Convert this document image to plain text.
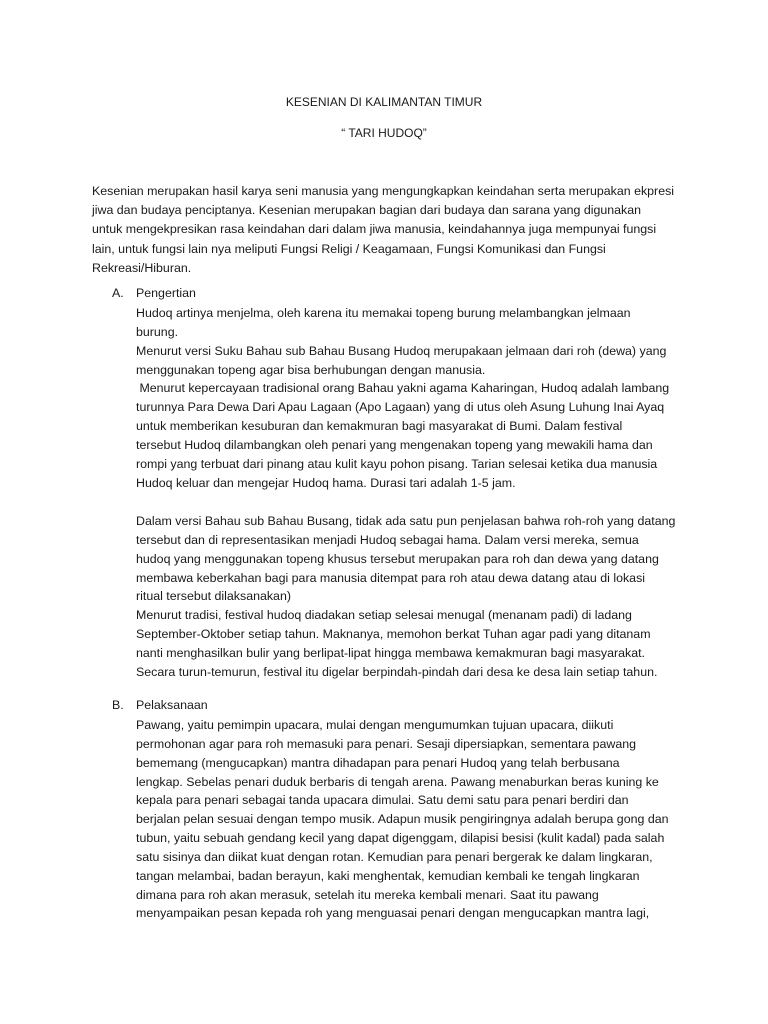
KESENIAN DI KALIMANTAN TIMUR
“ TARI HUDOQ”
Kesenian merupakan hasil karya seni manusia yang mengungkapkan keindahan serta merupakan ekpresi
jiwa dan budaya penciptanya. Kesenian merupakan bagian dari budaya dan sarana yang digunakan
untuk mengekpresikan rasa keindahan dari dalam jiwa manusia, keindahannya juga mempunyai fungsi
lain, untuk fungsi lain nya meliputi Fungsi Religi / Keagamaan, Fungsi Komunikasi dan Fungsi
Rekreasi/Hiburan.
A. Pengertian
Hudoq artinya menjelma, oleh karena itu memakai topeng burung melambangkan jelmaan
burung.
Menurut versi Suku Bahau sub Bahau Busang Hudoq merupakaan jelmaan dari roh (dewa) yang
menggunakan topeng agar bisa berhubungan dengan manusia.
Menurut kepercayaan tradisional orang Bahau yakni agama Kaharingan, Hudoq adalah lambang
turunnya Para Dewa Dari Apau Lagaan (Apo Lagaan) yang di utus oleh Asung Luhung Inai Ayaq
untuk memberikan kesuburan dan kemakmuran bagi masyarakat di Bumi. Dalam festival
tersebut Hudoq dilambangkan oleh penari yang mengenakan topeng yang mewakili hama dan
rompi yang terbuat dari pinang atau kulit kayu pohon pisang. Tarian selesai ketika dua manusia
Hudoq keluar dan mengejar Hudoq hama. Durasi tari adalah 1-5 jam.
Dalam versi Bahau sub Bahau Busang, tidak ada satu pun penjelasan bahwa roh-roh yang datang
tersebut dan di representasikan menjadi Hudoq sebagai hama. Dalam versi mereka, semua
hudoq yang menggunakan topeng khusus tersebut merupakan para roh dan dewa yang datang
membawa keberkahan bagi para manusia ditempat para roh atau dewa datang atau di lokasi
ritual tersebut dilaksanakan)
Menurut tradisi, festival hudoq diadakan setiap selesai menugal (menanam padi) di ladang
September-Oktober setiap tahun. Maknanya, memohon berkat Tuhan agar padi yang ditanam
nanti menghasilkan bulir yang berlipat-lipat hingga membawa kemakmuran bagi masyarakat.
Secara turun-temurun, festival itu digelar berpindah-pindah dari desa ke desa lain setiap tahun.
B. Pelaksanaan
Pawang, yaitu pemimpin upacara, mulai dengan mengumumkan tujuan upacara, diikuti
permohonan agar para roh memasuki para penari. Sesaji dipersiapkan, sementara pawang
bememang (mengucapkan) mantra dihadapan para penari Hudoq yang telah berbusana
lengkap. Sebelas penari duduk berbaris di tengah arena. Pawang menaburkan beras kuning ke
kepala para penari sebagai tanda upacara dimulai. Satu demi satu para penari berdiri dan
berjalan pelan sesuai dengan tempo musik. Adapun musik pengiringnya adalah berupa gong dan
tubun, yaitu sebuah gendang kecil yang dapat digenggam, dilapisi besisi (kulit kadal) pada salah
satu sisinya dan diikat kuat dengan rotan. Kemudian para penari bergerak ke dalam lingkaran,
tangan melambai, badan berayun, kaki menghentak, kemudian kembali ke tengah lingkaran
dimana para roh akan merasuk, setelah itu mereka kembali menari. Saat itu pawang
menyampaikan pesan kepada roh yang menguasai penari dengan mengucapkan mantra lagi,
